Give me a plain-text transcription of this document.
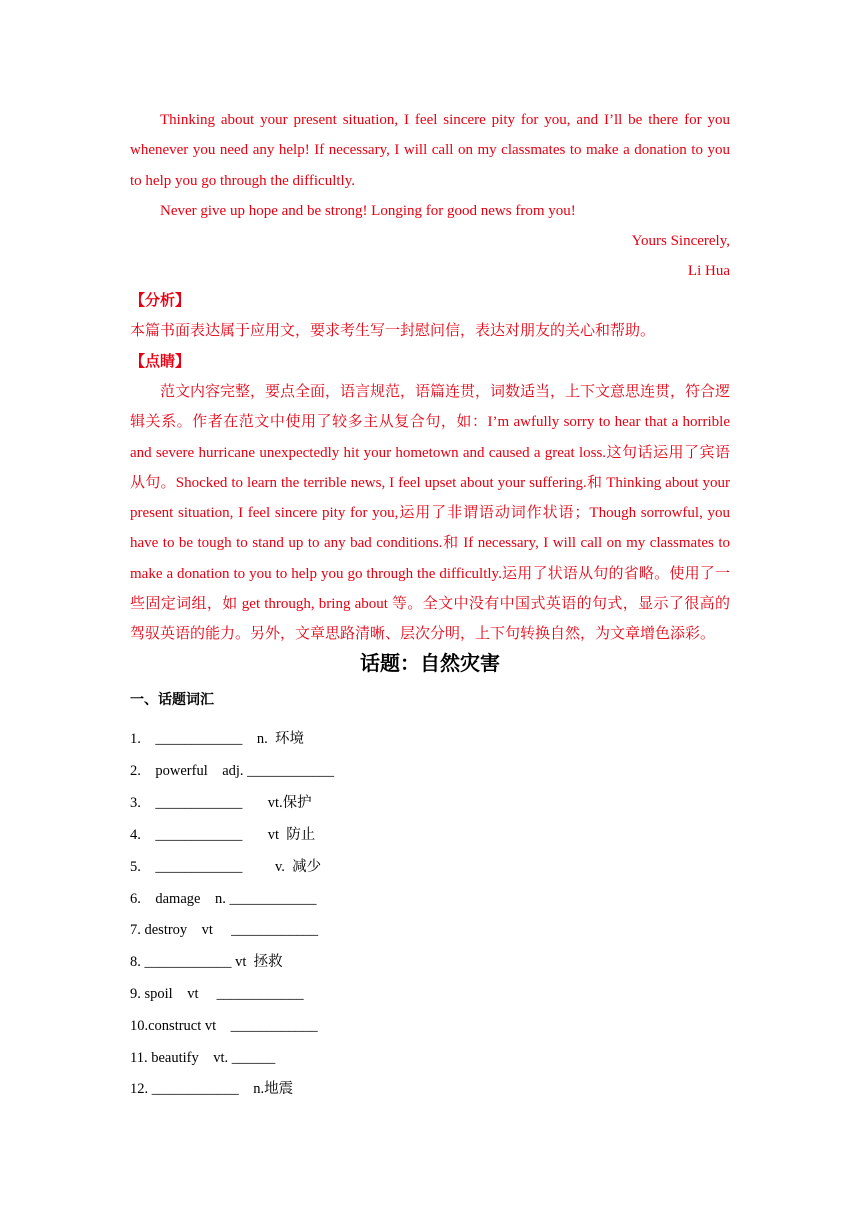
Thinking about your present situation, I feel sincere pity for you, and I’ll be there for you whenever you need any help! If necessary, I will call on my classmates to make a donation to you to help you go through the difficultly.
Never give up hope and be strong! Longing for good news from you!
Yours Sincerely,
Li Hua
【分析】
本篇书面表达属于应用文，要求考生写一封慰问信，表达对朋友的关心和帮助。
【点睛】
范文内容完整，要点全面，语言规范，语篇连贯，词数适当，上下文意思连贯，符合逻辑关系。作者在范文中使用了较多主从复合句，如：I’m awfully sorry to hear that a horrible and severe hurricane unexpectedly hit your hometown and caused a great loss.这句话运用了宾语从句。Shocked to learn the terrible news, I feel upset about your suffering.和 Thinking about your present situation, I feel sincere pity for you,运用了非谓语动词作状语；Though sorrowful, you have to be tough to stand up to any bad conditions.和 If necessary, I will call on my classmates to make a donation to you to help you go through the difficultly.运用了状语从句的省略。使用了一些固定词组，如 get through, bring about 等。全文中没有中国式英语的句式，显示了很高的驾驭英语的能力。另外，文章思路清晰、层次分明，上下句转换自然，为文章增色添彩。
话题：自然灾害
一、话题词汇
1.    ____________    n.  环境
2.    powerful    adj. ____________
3.    ____________       vt.保护
4.    ____________       vt  防止
5.    ____________         v.  减少
6.    damage    n. ____________
7. destroy    vt     ____________
8. ____________ vt  拯救
9. spoil    vt     ____________
10.construct vt    ____________
11. beautify    vt. ______
12. ____________    n.地震
